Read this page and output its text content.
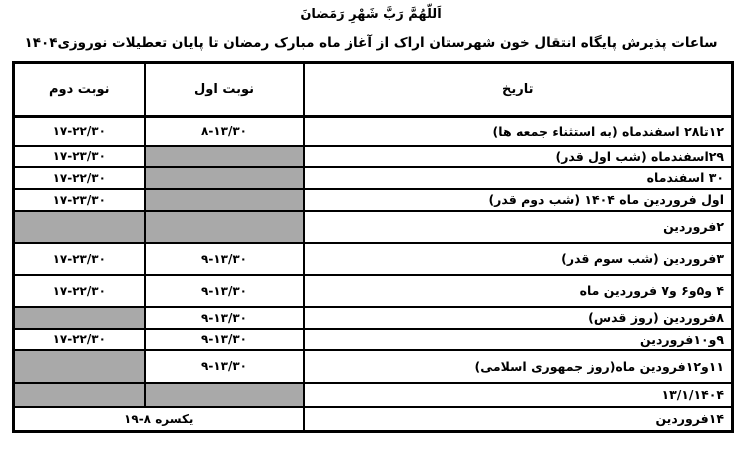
اَللّهُمَّ رَبَّ شَهْرِ رَمَضانَ
ساعات پذیرش پایگاه انتقال خون شهرستان اراک از آغاز ماه مبارک رمضان تا پایان تعطیلات نوروزی۱۴۰۴
تاریخ	نوبت اول	نوبت دوم
۱۲تا۲۸ اسفندماه (به استثناء جمعه ها)	۸-۱۳/۳۰	۱۷-۲۲/۳۰
۲۹اسفندماه (شب اول قدر)		۱۷-۲۳/۳۰
۳۰ اسفندماه		۱۷-۲۲/۳۰
اول فروردین ماه ۱۴۰۴ (شب دوم قدر)		۱۷-۲۳/۳۰
۲فروردین		
۳فروردین (شب سوم قدر)	۹-۱۳/۳۰	۱۷-۲۳/۳۰
۴ و۵و۶ و۷ فروردین ماه	۹-۱۳/۳۰	۱۷-۲۲/۳۰
۸فروردین (روز قدس)	۹-۱۳/۳۰	
۹و۱۰فروردین	۹-۱۳/۳۰	۱۷-۲۲/۳۰
۱۱و۱۲فرودین ماه(روز جمهوری اسلامی)	۹-۱۳/۳۰	
۱۳/۱/۱۴۰۴		
۱۴فروردین	۱۹-۸ یکسره	
